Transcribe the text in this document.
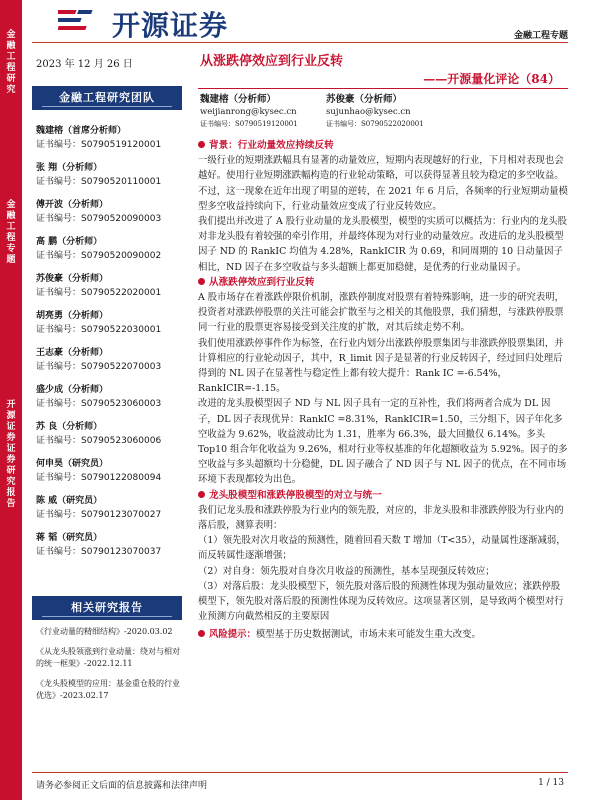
金融工程研究
金融工程专题
开源证券 证券研究报告
开源证券	金融工程专题
2023 年 12 月 26 日
金融工程研究团队
魏建榕（首席分析师）
证书编号：S0790519120001
张 翔（分析师）
证书编号：S0790520110001
傅开波（分析师）
证书编号：S0790520090003
高 鹏（分析师）
证书编号：S0790520090002
苏俊豪（分析师）
证书编号：S0790522020001
胡亮勇（分析师）
证书编号：S0790522030001
王志豪（分析师）
证书编号：S0790522070003
盛少成（分析师）
证书编号：S0790523060003
苏 良（分析师）
证书编号：S0790523060006
何申昊（研究员）
证书编号：S0790122080094
陈 威（研究员）
证书编号：S0790123070027
蒋 韬（研究员）
证书编号：S0790123070037
相关研究报告
《行业动量的精细结构》-2020.03.02
《从龙头股领涨到行业动量：绕对与相对的统一框架》-2022.12.11
《龙头股模型的应用：基金重仓股的行业优选》-2023.02.17
从涨跌停效应到行业反转
——开源量化评论（84）
魏建榕（分析师）
weijianrong@kysec.cn
证书编号：S0790519120001
苏俊豪（分析师）
sujunhao@kysec.cn
证书编号：S0790522020001
背景：行业动量效应持续反转

一级行业的短期涨跌幅具有显著的动量效应，短期内表现越好的行业，下月相对表现也会越好。使用行业短期涨跌幅构造的行业轮动策略，可以获得显著且较为稳定的多空收益。不过，这一现象在近年出现了明显的逆转，在 2021 年 6 月后，各频率的行业短期动量模型多空收益持续向下，行业动量效应变成了行业反转效应。

我们提出并改进了 A 股行业动量的龙头股模型，模型的实质可以概括为：行业内的龙头股对非龙头股有着较强的牵引作用，并最终体现为对行业的动量效应。改进后的龙头股模型因子 ND 的 RankIC 均值为 4.28%，RankICIR 为 0.69，和同周期的 10 日动量因子相比，ND 因子在多空收益与多头超额上都更加稳健，是优秀的行业动量因子。

从涨跌停效应到行业反转

A 股市场存在着涨跌停限价机制，涨跌停制度对股票有着特殊影响，进一步的研究表明，投资者对涨跌停股票的关注可能会扩散至与之相关的其他股票，我们猜想，与涨跌停股票同一行业的股票更容易接受到关注度的扩散，对其后续走势不利。

我们使用涨跌停事件作为标签，在行业内划分出涨跌停股票集团与非涨跌停股票集团，并计算相应的行业轮动因子，其中，R_limit 因子是显著的行业反转因子，经过回归处理后得到的 NL 因子在显著性与稳定性上都有较大提升：Rank IC =-6.54%，RankICIR=-1.15。

改进的龙头股模型因子 ND 与 NL 因子具有一定的互补性，我们将两者合成为 DL 因子，DL 因子表现优异：RankIC =8.31%，RankICIR=1.50，三分组下，因子年化多空收益为 9.62%，收益波动比为 1.31，胜率为 66.3%，最大回撤仅 6.14%。多头 Top10 组合年化收益为 9.26%，相对行业等权基准的年化超额收益为 5.92%。因子的多空收益与多头超额均十分稳健，DL 因子融合了 ND 因子与 NL 因子的优点，在不同市场环境下表现都较为出色。

龙头股模型和涨跌停股模型的对立与统一

我们记龙头股和涨跌停股为行业内的领先股，对应的，非龙头股和非涨跌停股为行业内的落后股，测算表明：

（1）领先股对次月收益的预测性，随着回看天数 T 增加（T<35），动量属性逐渐减弱，而反转属性逐渐增强；

（2）对自身：领先股对自身次月收益的预测性，基本呈现强反转效应；

（3）对落后股：龙头股模型下，领先股对落后股的预测性体现为强动量效应；涨跌停股模型下，领先股对落后股的预测性体现为反转效应。这项显著区别，是导致两个模型对行业预测方向截然相反的主要原因

风险提示：模型基于历史数据测试，市场未来可能发生重大改变。
请务必参阅正文后面的信息披露和法律声明	1 / 13
